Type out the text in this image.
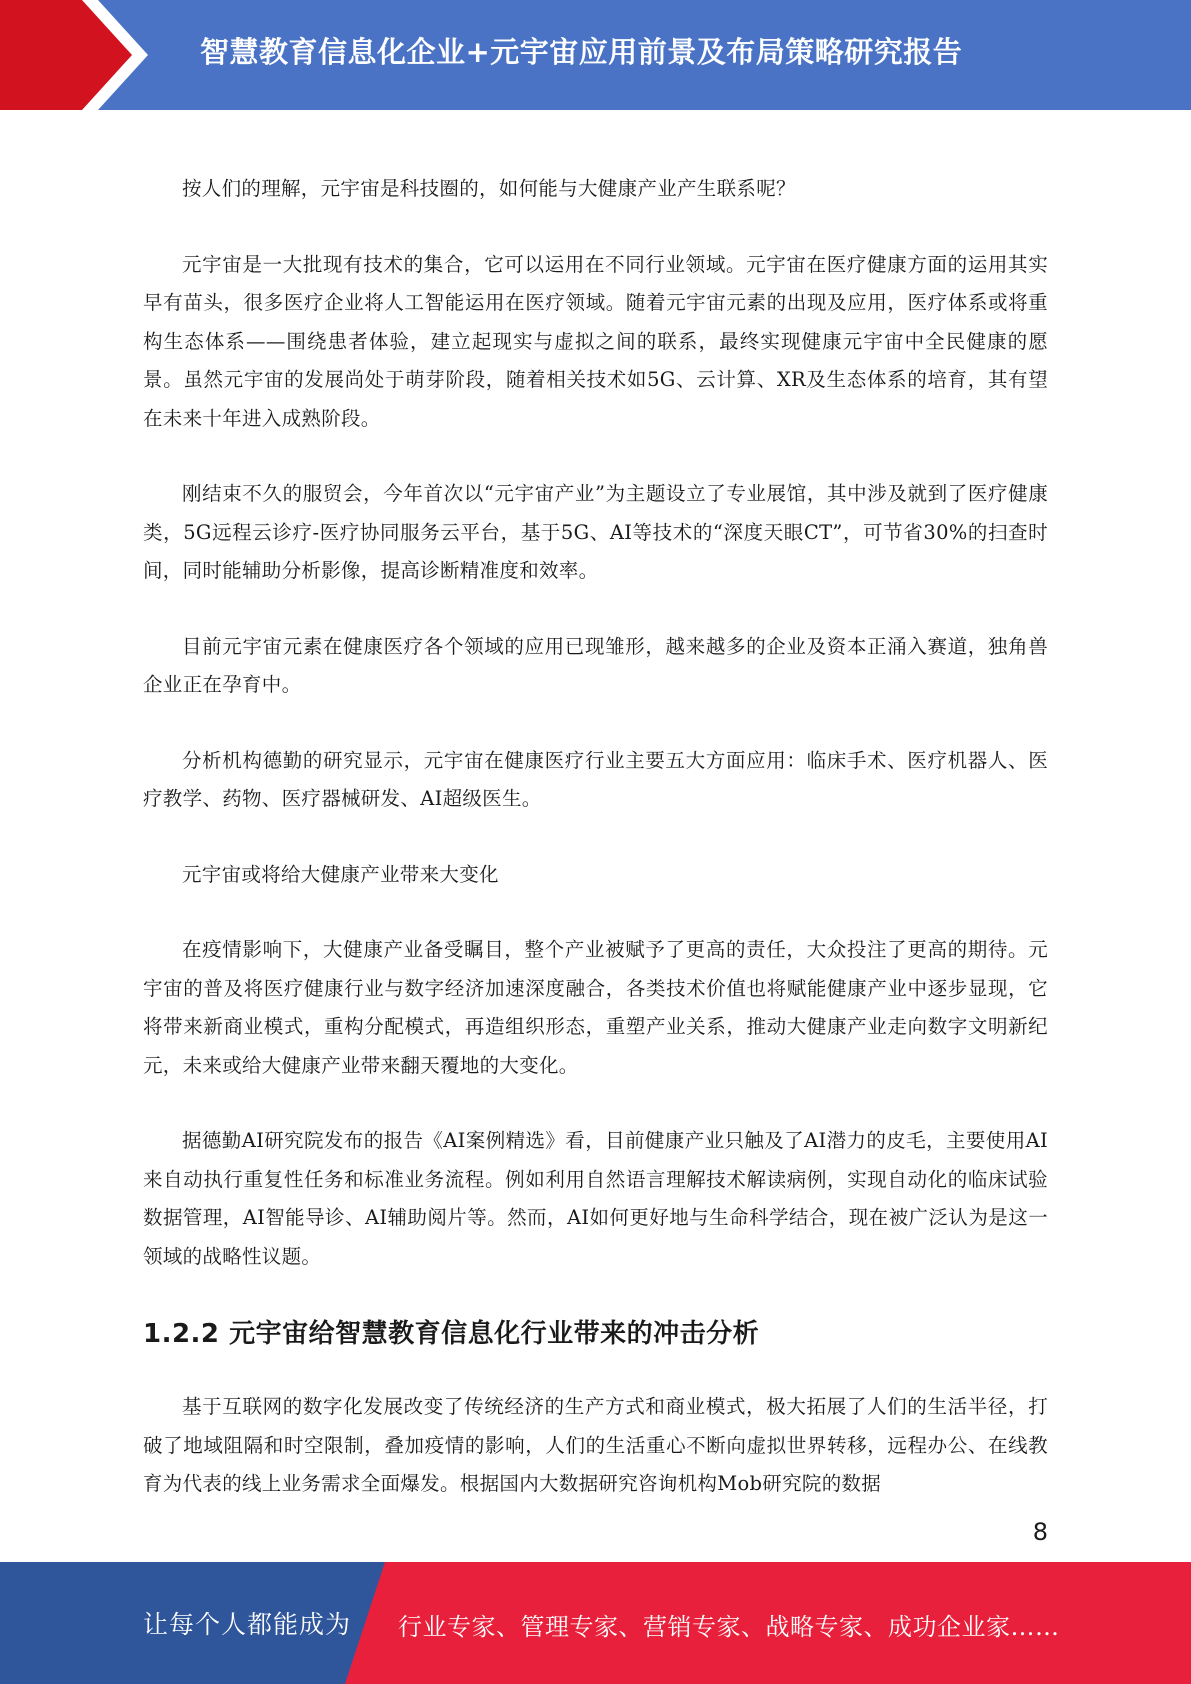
智慧教育信息化企业+元宇宙应用前景及布局策略研究报告

按人们的理解，元宇宙是科技圈的，如何能与大健康产业产生联系呢？

元宇宙是一大批现有技术的集合，它可以运用在不同行业领域。元宇宙在医疗健康方面的运用其实早有苗头，很多医疗企业将人工智能运用在医疗领域。随着元宇宙元素的出现及应用，医疗体系或将重构生态体系——围绕患者体验，建立起现实与虚拟之间的联系，最终实现健康元宇宙中全民健康的愿景。虽然元宇宙的发展尚处于萌芽阶段，随着相关技术如5G、云计算、XR及生态体系的培育，其有望在未来十年进入成熟阶段。

刚结束不久的服贸会，今年首次以“元宇宙产业”为主题设立了专业展馆，其中涉及就到了医疗健康类，5G远程云诊疗-医疗协同服务云平台，基于5G、AI等技术的“深度天眼CT”，可节省30%的扫查时间，同时能辅助分析影像，提高诊断精准度和效率。

目前元宇宙元素在健康医疗各个领域的应用已现雏形，越来越多的企业及资本正涌入赛道，独角兽企业正在孕育中。

分析机构德勤的研究显示，元宇宙在健康医疗行业主要五大方面应用：临床手术、医疗机器人、医疗教学、药物、医疗器械研发、AI超级医生。

元宇宙或将给大健康产业带来大变化

在疫情影响下，大健康产业备受瞩目，整个产业被赋予了更高的责任，大众投注了更高的期待。元宇宙的普及将医疗健康行业与数字经济加速深度融合，各类技术价值也将赋能健康产业中逐步显现，它将带来新商业模式，重构分配模式，再造组织形态，重塑产业关系，推动大健康产业走向数字文明新纪元，未来或给大健康产业带来翻天覆地的大变化。

据德勤AI研究院发布的报告《AI案例精选》看，目前健康产业只触及了AI潜力的皮毛，主要使用AI来自动执行重复性任务和标准业务流程。例如利用自然语言理解技术解读病例，实现自动化的临床试验数据管理，AI智能导诊、AI辅助阅片等。然而，AI如何更好地与生命科学结合，现在被广泛认为是这一领域的战略性议题。

1.2.2 元宇宙给智慧教育信息化行业带来的冲击分析

基于互联网的数字化发展改变了传统经济的生产方式和商业模式，极大拓展了人们的生活半径，打破了地域阻隔和时空限制，叠加疫情的影响，人们的生活重心不断向虚拟世界转移，远程办公、在线教育为代表的线上业务需求全面爆发。根据国内大数据研究咨询机构Mob研究院的数据

8
让每个人都能成为 行业专家、管理专家、营销专家、战略专家、成功企业家……
